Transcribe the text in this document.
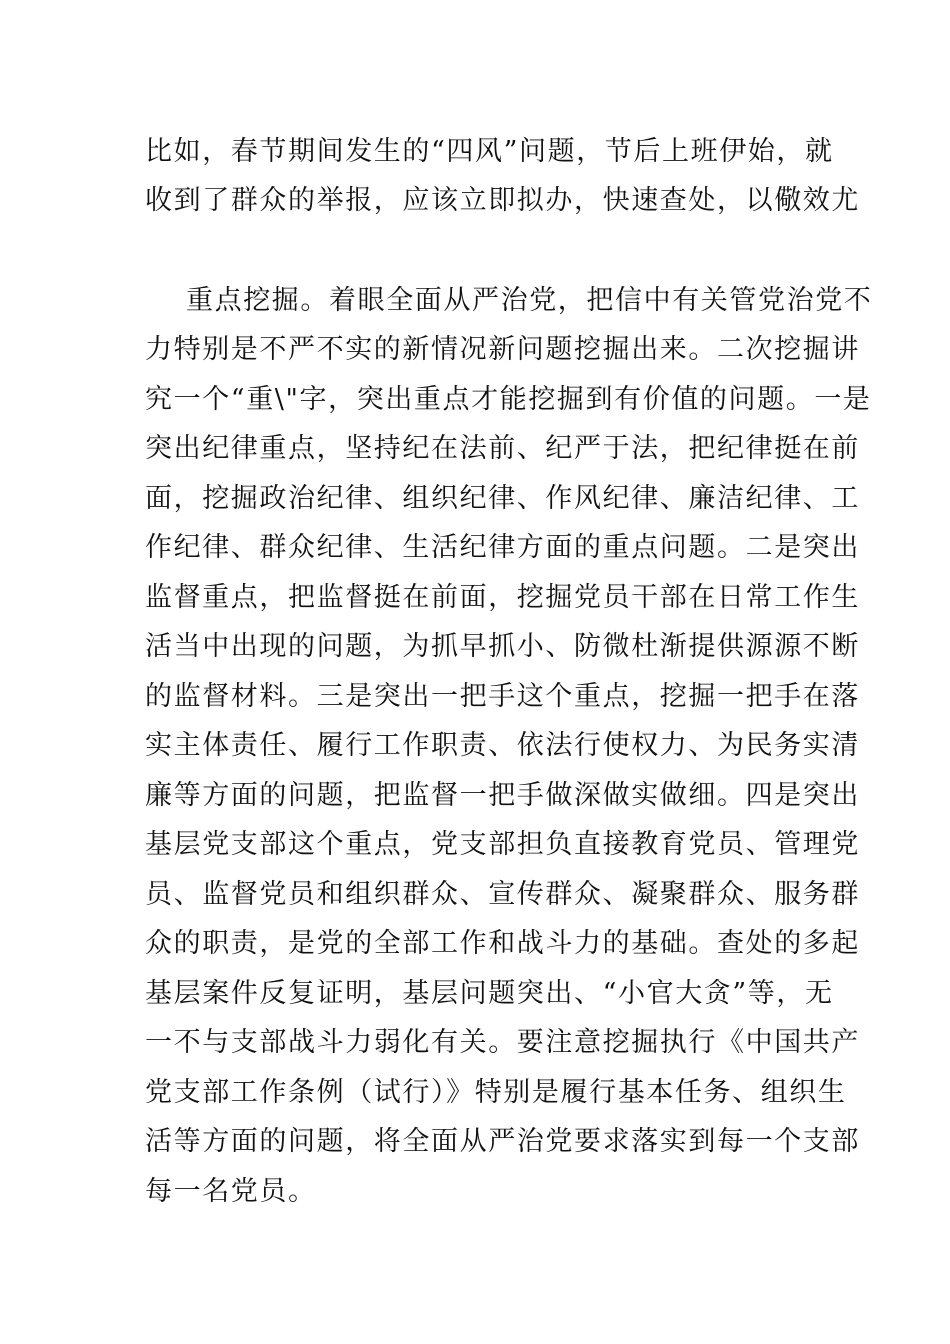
比如，春节期间发生的“四风”问题，节后上班伊始，就
收到了群众的举报，应该立即拟办，快速查处，以儆效尤
重点挖掘。着眼全面从严治党，把信中有关管党治党不
力特别是不严不实的新情况新问题挖掘出来。二次挖掘讲
究一个“重\"字，突出重点才能挖掘到有价值的问题。一是
突出纪律重点，坚持纪在法前、纪严于法，把纪律挺在前
面，挖掘政治纪律、组织纪律、作风纪律、廉洁纪律、工
作纪律、群众纪律、生活纪律方面的重点问题。二是突出
监督重点，把监督挺在前面，挖掘党员干部在日常工作生
活当中出现的问题，为抓早抓小、防微杜渐提供源源不断
的监督材料。三是突出一把手这个重点，挖掘一把手在落
实主体责任、履行工作职责、依法行使权力、为民务实清
廉等方面的问题，把监督一把手做深做实做细。四是突出
基层党支部这个重点，党支部担负直接教育党员、管理党
员、监督党员和组织群众、宣传群众、凝聚群众、服务群
众的职责，是党的全部工作和战斗力的基础。查处的多起
基层案件反复证明，基层问题突出、“小官大贪”等，无
一不与支部战斗力弱化有关。要注意挖掘执行《中国共产
党支部工作条例（试行）》特别是履行基本任务、组织生
活等方面的问题，将全面从严治党要求落实到每一个支部
每一名党员。
